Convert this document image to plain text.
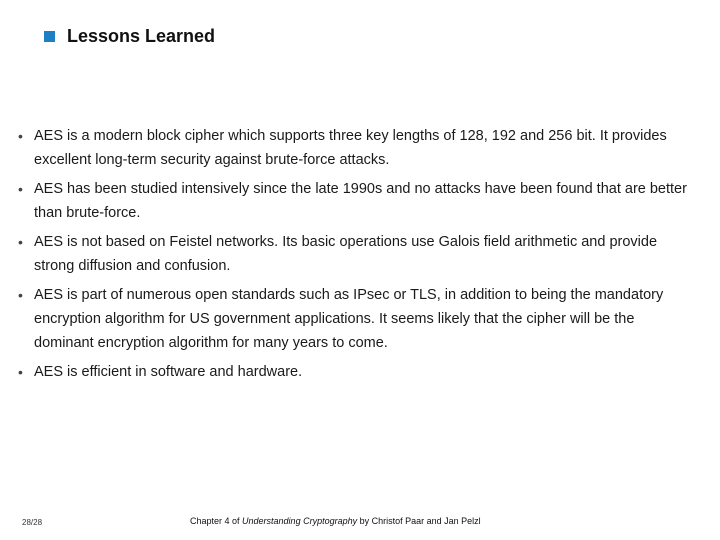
Lessons Learned
• AES is a modern block cipher which supports three key lengths of 128, 192 and 256 bit. It provides excellent long-term security against brute-force attacks.
• AES has been studied intensively since the late 1990s and no attacks have been found that are better than brute-force.
• AES is not based on Feistel networks. Its basic operations use Galois field arithmetic and provide strong diffusion and confusion.
• AES is part of numerous open standards such as IPsec or TLS, in addition to being the mandatory encryption algorithm for US government applications. It seems likely that the cipher will be the dominant encryption algorithm for many years to come.
• AES is efficient in software and hardware.
28/28	Chapter 4 of Understanding Cryptography by Christof Paar and Jan Pelzl
